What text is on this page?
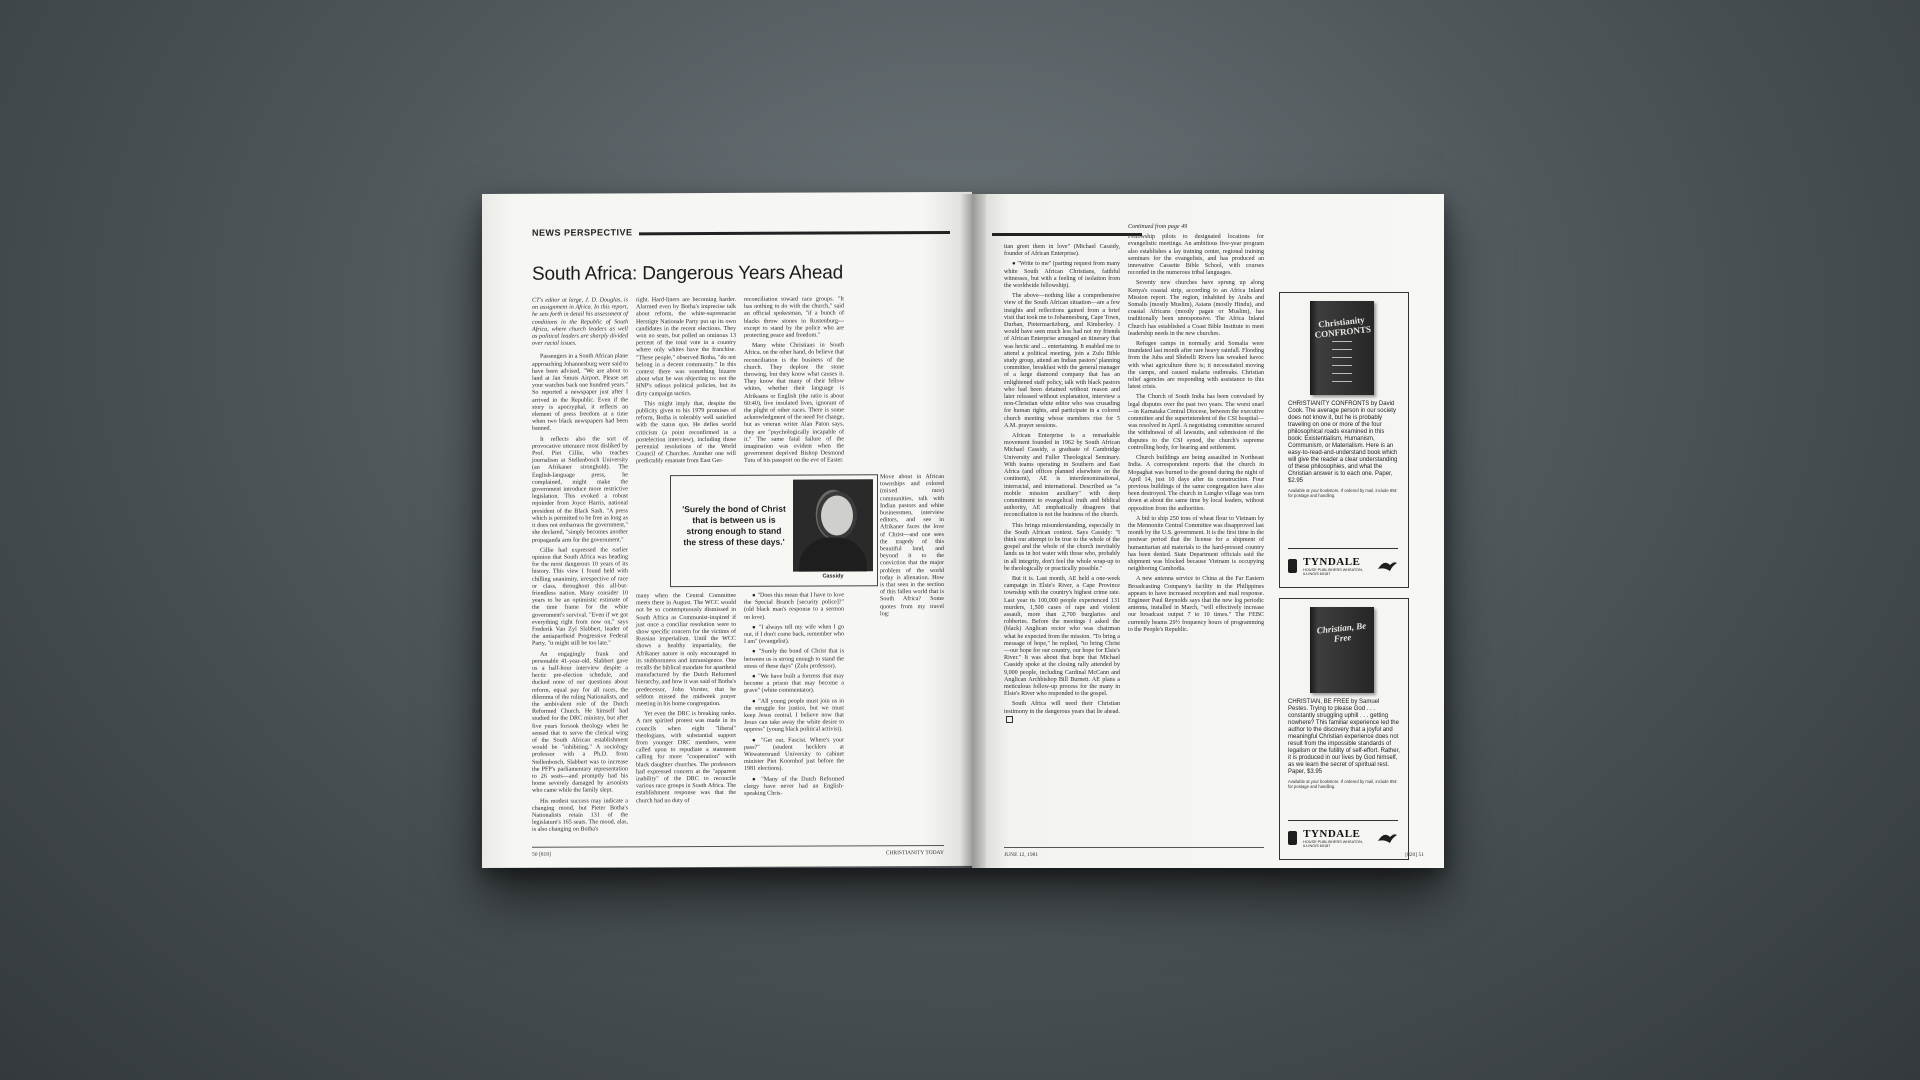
NEWS PERSPECTIVE
South Africa: Dangerous Years Ahead

CT's editor at large, J. D. Douglas, is on assignment in Africa. In this report, he sets forth in detail his assessment of conditions in the Republic of South Africa, where church leaders as well as political leaders are sharply divided over racial issues.

Passengers in a South African plane approaching Johannesburg were said to have been advised, "We are about to land at Jan Smuts Airport. Please set your watches back one hundred years." So reported a newspaper just after I arrived in the Republic. Even if the story is apocryphal, it reflects an element of press freedom at a time when two black newspapers had been banned.

It reflects also the sort of provocative utterance most disliked by Prof. Piet Cillie, who teaches journalism at Stellenbosch University (an Afrikaner stronghold). The English-language press, he complained, might make the government introduce more restrictive legislation. This evoked a robust rejoinder from Joyce Harris, national president of the Black Sash. "A press which is permitted to be free as long as it does not embarrass the government," she declared, "simply becomes another propaganda arm for the government."

Cillie had expressed the earlier opinion that South Africa was heading for the most dangerous 10 years of its history. This view I found held with chilling unanimity, irrespective of race or class, throughout this all-but-friendless nation. Many consider 10 years to be an optimistic estimate of the time frame for the white government's survival. "Even if we got everything right from now on," says Frederik Van Zyl Slabbert, leader of the antiapartheid Progressive Federal Party, "it might still be too late."

An engagingly frank and personable 41-year-old, Slabbert gave us a half-hour interview despite a hectic pre-election schedule, and ducked none of our questions about reform, equal pay for all races, the dilemma of the ruling Nationalists, and the ambivalent role of the Dutch Reformed Church. He himself had studied for the DRC ministry, but after five years forsook theology when he sensed that to serve the clerical wing of the South African establishment would be "inhibiting." A sociology professor with a Ph.D. from Stellenbosch, Slabbert was to increase the PFP's parliamentary representation to 26 seats—and promptly had his home severely damaged by arsonists who came while the family slept.

His modest success may indicate a changing mood, but Pieter Botha's Nationalists retain 131 of the legislature's 165 seats. The mood, alas, is also changing on Botha's

right. Hard-liners are becoming harder. Alarmed even by Botha's imprecise talk about reform, the white-supremacist Herstigte Nationale Party put up its own candidates in the recent elections. They won no seats, but polled an ominous 13 percent of the total vote in a country where only whites have the franchise. "These people," observed Botha, "do not belong in a decent community." In this context there was something bizarre about what he was objecting to: not the HNP's odious political policies, but its dirty campaign tactics.

This might imply that, despite the publicity given to his 1979 promises of reform, Botha is tolerably well satisfied with the status quo. He defies world criticism (a point reconfirmed in a postelection interview), including those perennial resolutions of the World Council of Churches. Another one will predictably emanate from East Ger-

reconciliation toward race groups. "It has nothing to do with the church," said an official spokesman, "if a bunch of blacks throw stones in Rustenburg—except to stand by the police who are protecting peace and freedom."

Many white Christians in South Africa, on the other hand, do believe that reconciliation is the business of the church. They deplore the stone throwing, but they know what causes it. They know that many of their fellow whites, whether their language is Afrikaans or English (the ratio is about 60:40), live insulated lives, ignorant of the plight of other races. There is some acknowledgment of the need for change, but as veteran writer Alan Paton says, they are "psychologically incapable of it." The same fatal failure of the imagination was evident when the government deprived Bishop Desmond Tutu of his passport on the eve of Easter.

Move about in African townships and colored (mixed race) communities, talk with Indian pastors and white businessmen, interview editors, and see in Afrikaner faces the love of Christ—and one sees the tragedy of this beautiful land, and beyond it to the conviction that the major problem of the world today is alienation. How is that seen in the section of this fallen world that is South Africa? Some quotes from my travel log:

'Surely the bond of Christ that is between us is strong enough to stand the stress of these days.'
Cassidy

many when the Central Committee meets there in August. The WCC would not be so contemptuously dismissed in South Africa as Communist-inspired if just once a conciliar resolution were to show specific concern for the victims of Russian imperialism. Until the WCC shows a healthy impartiality, the Afrikaner nature is only encouraged in its stubbornness and intransigence. One recalls the biblical mandate for apartheid manufactured by the Dutch Reformed hierarchy, and how it was said of Botha's predecessor, John Vorster, that he seldom missed the midweek prayer meeting in his home congregation.

Yet even the DRC is breaking ranks. A rare spirited protest was made in its councils when eight "liberal" theologians, with substantial support from younger DRC members, were called upon to repudiate a statement calling for more "cooperation" with black daughter churches. The professors had expressed concern at the "apparent inability" of the DRC to reconcile various race groups in South Africa. The establishment response was that the church had no duty of

● "Does this mean that I have to love the Special Branch [security police]?" (old black man's response to a sermon on love).

● "I always tell my wife when I go out, if I don't come back, remember who I am" (evangelist).

● "Surely the bond of Christ that is between us is strong enough to stand the stress of these days" (Zulu professor).

● "We have built a fortress that may become a prison that may become a grave" (white commentator).

● "All young people must join us in the struggle for justice, but we must keep Jesus central. I believe now that Jesus can take away the white desire to oppress" (young black political activist).

● "Get out, Fascist. Where's your pass?" (student hecklers at Witwatersrand University to cabinet minister Piet Koornhof just before the 1981 elections).

● "Many of the Dutch Reformed clergy have never had an English-speaking Chris-

50 [818]	CHRISTIANITY TODAY

tian greet them in love" (Michael Cassidy, founder of African Enterprise).

● "Write to me" (parting request from many white South African Christians, faithful witnesses, but with a feeling of isolation from the worldwide fellowship).

The above—nothing like a comprehensive view of the South African situation—are a few insights and reflections gained from a brief visit that took me to Johannesburg, Cape Town, Durban, Pietermaritzburg, and Kimberley. I would have seen much less had not my friends of African Enterprise arranged an itinerary that was hectic and ... entertaining. It enabled me to attend a political meeting, join a Zulu Bible study group, attend an Indian pastors' planning committee, breakfast with the general manager of a large diamond company that has an enlightened staff policy, talk with black pastors who had been detained without reason and later released without explanation, interview a non-Christian white editor who was crusading for human rights, and participate in a colored church meeting whose members rise for 5 A.M. prayer sessions.

African Enterprise is a remarkable movement founded in 1962 by South African Michael Cassidy, a graduate of Cambridge University and Fuller Theological Seminary. With teams operating in Southern and East Africa (and offices planned elsewhere on the continent), AE is interdenominational, interracial, and international. Described as "a mobile mission auxiliary" with deep commitment to evangelical truth and biblical authority, AE emphatically disagrees that reconciliation is not the business of the church.

This brings misunderstanding, especially in the South African context. Says Cassidy: "I think our attempt to be true to the whole of the gospel and the whole of the church inevitably lands us in hot water with those who, probably in all integrity, don't feel the whole wrap-up to be theologically or practically possible."

But it is. Last month, AE held a one-week campaign in Elsie's River, a Cape Province township with the country's highest crime rate. Last year its 100,000 people experienced 131 murders, 1,500 cases of rape and violent assault, more than 2,700 burglaries and robberies. Before the meetings I asked the (black) Anglican rector who was chairman what he expected from the mission. "To bring a message of hope," he replied, "to bring Christ—our hope for our country, our hope for Elsie's River." It was about that hope that Michael Cassidy spoke at the closing rally attended by 9,000 people, including Cardinal McCann and Anglican Archbishop Bill Burnett. AE plans a meticulous follow-up process for the many in Elsie's River who responded to the gospel.

South Africa will need their Christian testimony in the dangerous years that lie ahead.

Continued from page 49

Fellowship pilots to designated locations for evangelistic meetings. An ambitious five-year program also establishes a lay training center, regional training seminars for the evangelists, and has produced an innovative Cassette Bible School, with courses recorded in the numerous tribal languages.

Seventy new churches have sprung up along Kenya's coastal strip, according to an Africa Inland Mission report. The region, inhabited by Arabs and Somalis (mostly Muslim), Asians (mostly Hindu), and coastal Africans (mostly pagan or Muslim), has traditionally been unresponsive. The Africa Inland Church has established a Coast Bible Institute to meet leadership needs in the new churches.

Refugee camps in normally arid Somalia were inundated last month after rare heavy rainfall. Flooding from the Juba and Shebelli Rivers has wreaked havoc with what agriculture there is; it necessitated moving the camps, and caused malaria outbreaks. Christian relief agencies are responding with assistance to this latest crisis.

The Church of South India has been convulsed by legal disputes over the past two years. The worst snarl—in Karnataka Central Diocese, between the executive committee and the superintendent of the CSI hospital—was resolved in April. A negotiating committee secured the withdrawal of all lawsuits, and submission of the disputes to the CSI synod, the church's supreme controlling body, for hearing and settlement.

Church buildings are being assaulted in Northeast India. A correspondent reports that the church in Mopaghat was burned to the ground during the night of April 14, just 10 days after its construction. Four previous buildings of the same congregation have also been destroyed. The church in Lungho village was torn down at about the same time by local leaders, without opposition from the authorities.

A bid to ship 250 tons of wheat flour to Vietnam by the Mennonite Central Committee was disapproved last month by the U.S. government. It is the first time in the postwar period that the license for a shipment of humanitarian aid materials to the hard-pressed country has been denied. State Department officials said the shipment was blocked because Vietnam is occupying neighboring Cambodia.

A new antenna service to China at the Far Eastern Broadcasting Company's facility in the Philippines appears to have increased reception and mail response. Engineer Paul Reynolds says that the new log periodic antenna, installed in March, "will effectively increase our broadcast output 7 to 10 times." The FEBC currently beams 29½ frequency hours of programming to the People's Republic.

Christianity CONFRONTS
CHRISTIANITY CONFRONTS by David Cook. The average person in our society does not know it, but he is probably traveling on one or more of the four philosophical roads examined in this book: Existentialism, Humanism, Communism, or Materialism. Here is an easy-to-read-and-understand book which will give the reader a clear understanding of these philosophies, and what the Christian answer is to each one. Paper, $2.95
Available at your bookstore. If ordered by mail, include 85¢ for postage and handling.
TYNDALE
HOUSE PUBLISHERS WHEATON, ILLINOIS 60187
Christian, Be Free
CHRISTIAN, BE FREE by Samuel Pestes. Trying to please God . . . constantly struggling uphill . . . getting nowhere? This familiar experience led the author to the discovery that a joyful and meaningful Christian experience does not result from the impossible standards of legalism or the futility of self-effort. Rather, it is produced in our lives by God himself, as we learn the secret of spiritual rest. Paper, $3.95
Available at your bookstore. If ordered by mail, include 85¢ for postage and handling.
TYNDALE
HOUSE PUBLISHERS WHEATON, ILLINOIS 60187
JUNE 12, 1981	[820] 51
